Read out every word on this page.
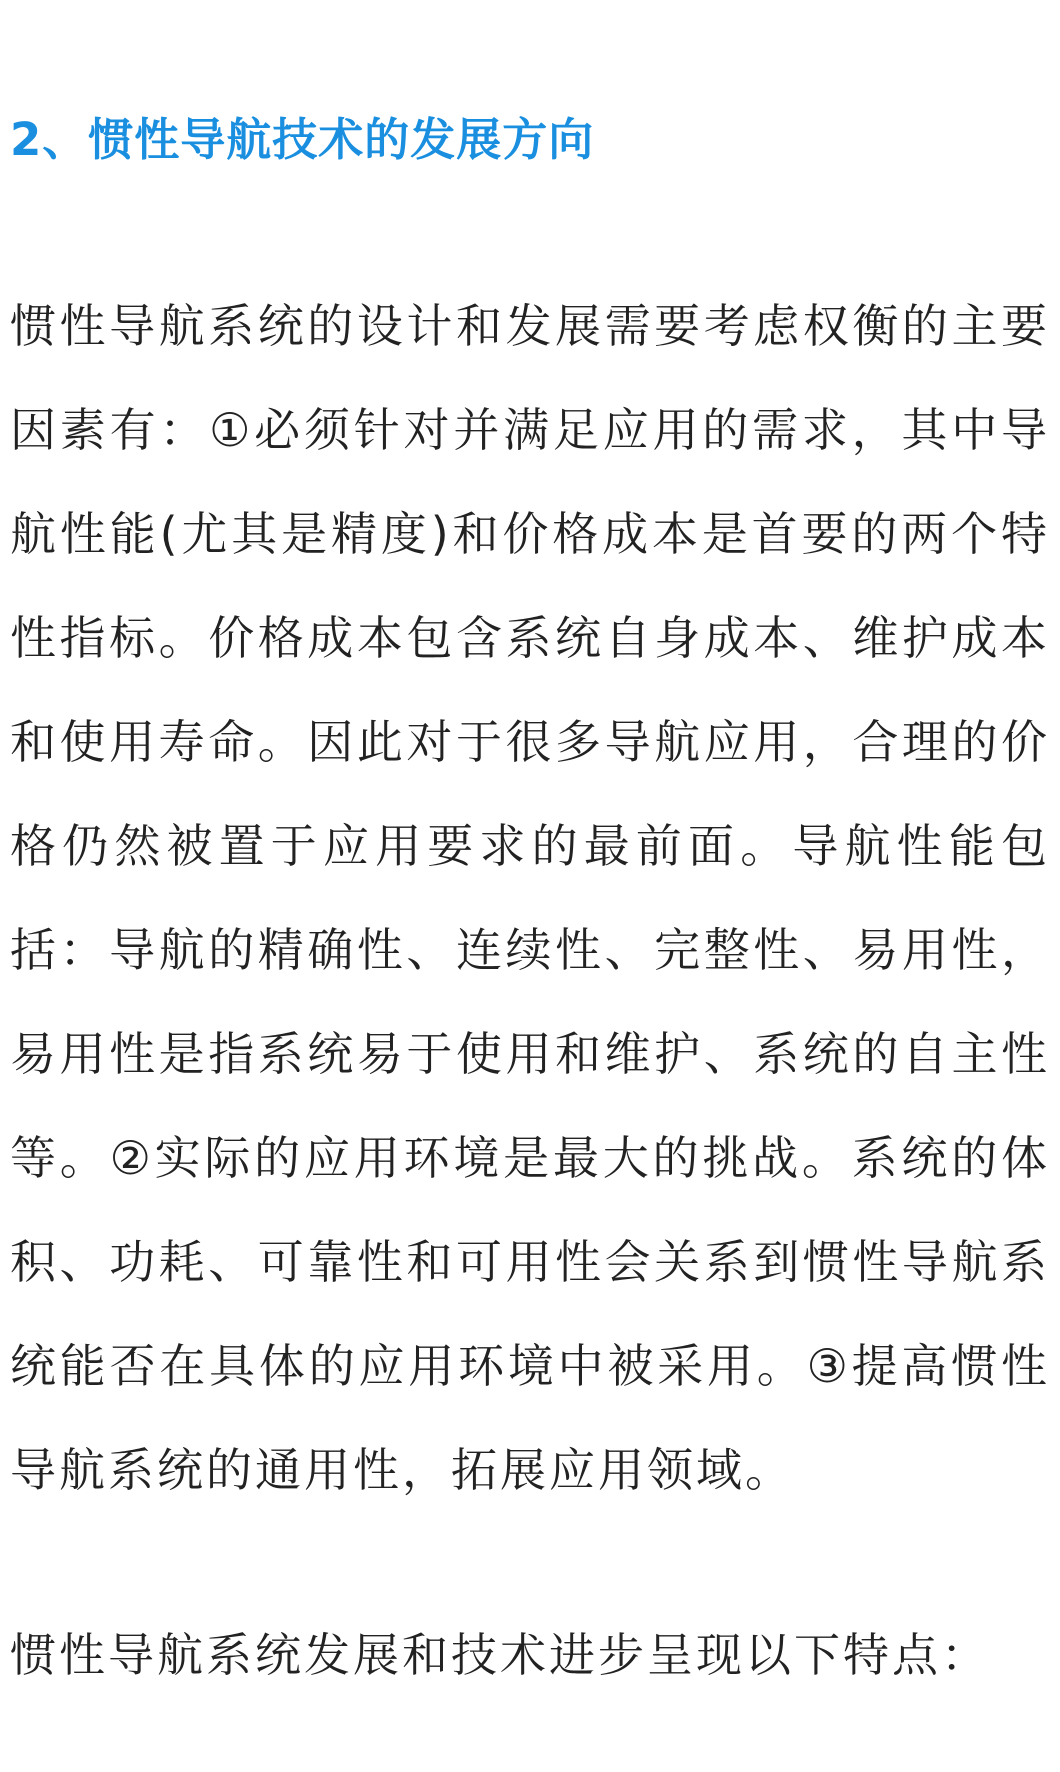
2、惯性导航技术的发展方向

惯性导航系统的设计和发展需要考虑权衡的主要因素有：①必须针对并满足应用的需求，其中导航性能(尤其是精度)和价格成本是首要的两个特性指标。价格成本包含系统自身成本、维护成本和使用寿命。因此对于很多导航应用，合理的价格仍然被置于应用要求的最前面。导航性能包括：导航的精确性、连续性、完整性、易用性，易用性是指系统易于使用和维护、系统的自主性等。②实际的应用环境是最大的挑战。系统的体积、功耗、可靠性和可用性会关系到惯性导航系统能否在具体的应用环境中被采用。③提高惯性导航系统的通用性，拓展应用领域。

惯性导航系统发展和技术进步呈现以下特点：
